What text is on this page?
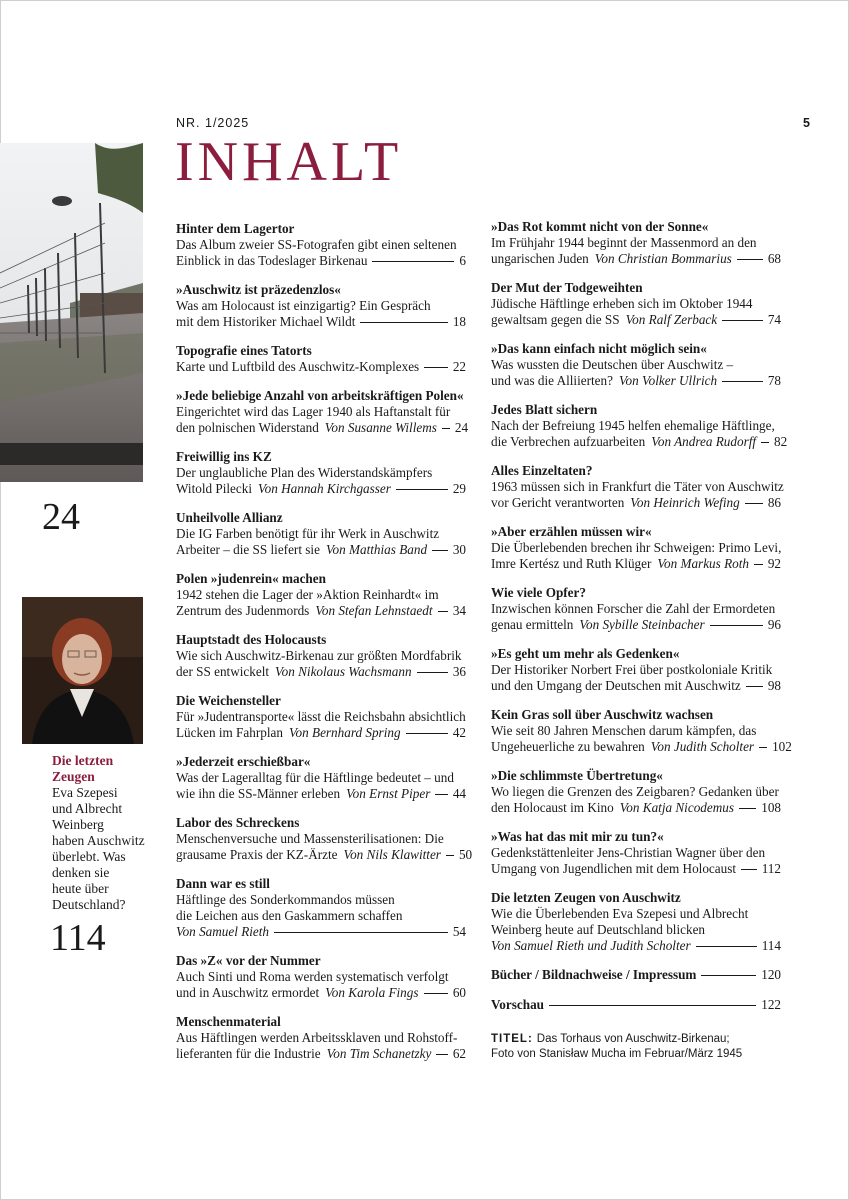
NR. 1/2025	5
INHALT
24
Die letzten
Zeugen
Eva Szepesi
und Albrecht
Weinberg
haben Auschwitz
überlebt. Was
denken sie
heute über
Deutschland?
114
Hinter dem Lagertor
Das Album zweier SS-Fotografen gibt einen seltenen
Einblick in das Todeslager Birkenau	6
»Auschwitz ist präzedenzlos«
Was am Holocaust ist einzigartig? Ein Gespräch
mit dem Historiker Michael Wildt	18
Topografie eines Tatorts
Karte und Luftbild des Auschwitz-Komplexes	22
»Jede beliebige Anzahl von arbeitskräftigen Polen«
Eingerichtet wird das Lager 1940 als Haftanstalt für
den polnischen Widerstand Von Susanne Willems 24
Freiwillig ins KZ
Der unglaubliche Plan des Widerstandskämpfers
Witold Pilecki Von Hannah Kirchgasser	29
Unheilvolle Allianz
Die IG Farben benötigt für ihr Werk in Auschwitz
Arbeiter – die SS liefert sie Von Matthias Band 30
Polen »judenrein« machen
1942 stehen die Lager der »Aktion Reinhardt« im
Zentrum des Judenmords Von Stefan Lehnstaedt 34
Hauptstadt des Holocausts
Wie sich Auschwitz-Birkenau zur größten Mordfabrik
der SS entwickelt Von Nikolaus Wachsmann	36
Die Weichensteller
Für »Judentransporte« lässt die Reichsbahn absichtlich
Lücken im Fahrplan Von Bernhard Spring	42
»Jederzeit erschießbar«
Was der Lageralltag für die Häftlinge bedeutet – und
wie ihn die SS-Männer erleben Von Ernst Piper 44
Labor des Schreckens
Menschenversuche und Massensterilisationen: Die
grausame Praxis der KZ-Ärzte Von Nils Klawitter 50
Dann war es still
Häftlinge des Sonderkommandos müssen
die Leichen aus den Gaskammern schaffen
Von Samuel Rieth	54
Das »Z« vor der Nummer
Auch Sinti und Roma werden systematisch verfolgt
und in Auschwitz ermordet Von Karola Fings	60
Menschenmaterial
Aus Häftlingen werden Arbeitssklaven und Rohstoff-
lieferanten für die Industrie Von Tim Schanetzky 62
»Das Rot kommt nicht von der Sonne«
Im Frühjahr 1944 beginnt der Massenmord an den
ungarischen Juden Von Christian Bommarius	68
Der Mut der Todgeweihten
Jüdische Häftlinge erheben sich im Oktober 1944
gewaltsam gegen die SS Von Ralf Zerback	74
»Das kann einfach nicht möglich sein«
Was wussten die Deutschen über Auschwitz –
und was die Alliierten? Von Volker Ullrich	78
Jedes Blatt sichern
Nach der Befreiung 1945 helfen ehemalige Häftlinge,
die Verbrechen aufzuarbeiten Von Andrea Rudorff 82
Alles Einzeltaten?
1963 müssen sich in Frankfurt die Täter von Auschwitz
vor Gericht verantworten Von Heinrich Wefing 86
»Aber erzählen müssen wir«
Die Überlebenden brechen ihr Schweigen: Primo Levi,
Imre Kertész und Ruth Klüger Von Markus Roth 92
Wie viele Opfer?
Inzwischen können Forscher die Zahl der Ermordeten
genau ermitteln Von Sybille Steinbacher	96
»Es geht um mehr als Gedenken«
Der Historiker Norbert Frei über postkoloniale Kritik
und den Umgang der Deutschen mit Auschwitz 98
Kein Gras soll über Auschwitz wachsen
Wie seit 80 Jahren Menschen darum kämpfen, das
Ungeheuerliche zu bewahren Von Judith Scholter 102
»Die schlimmste Übertretung«
Wo liegen die Grenzen des Zeigbaren? Gedanken über
den Holocaust im Kino Von Katja Nicodemus 108
»Was hat das mit mir zu tun?«
Gedenkstättenleiter Jens-Christian Wagner über den
Umgang von Jugendlichen mit dem Holocaust 112
Die letzten Zeugen von Auschwitz
Wie die Überlebenden Eva Szepesi und Albrecht
Weinberg heute auf Deutschland blicken
Von Samuel Rieth und Judith Scholter	114
Bücher / Bildnachweise / Impressum	120
Vorschau	122
TITEL: Das Torhaus von Auschwitz-Birkenau;
Foto von Stanisław Mucha im Februar/März 1945
